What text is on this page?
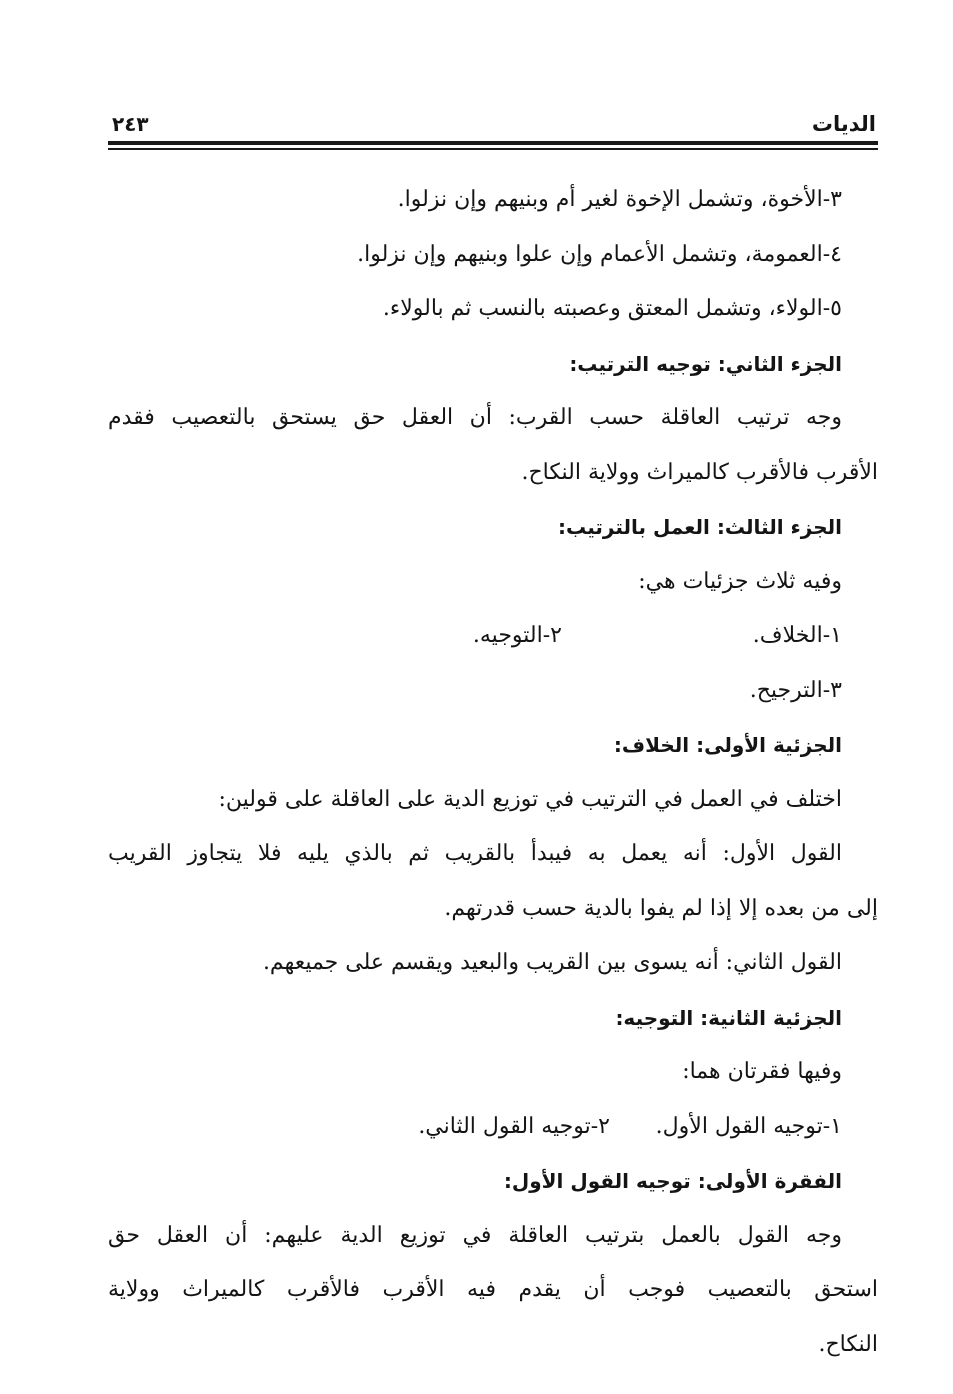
الديات
٢٤٣
٣-الأخوة، وتشمل الإخوة لغير أم وبنيهم وإن نزلوا.
٤-العمومة، وتشمل الأعمام وإن علوا وبنيهم وإن نزلوا.
٥-الولاء، وتشمل المعتق وعصبته بالنسب ثم بالولاء.
الجزء الثاني: توجيه الترتيب:
وجه ترتيب العاقلة حسب القرب: أن العقل حق يستحق بالتعصيب فقدم
الأقرب فالأقرب كالميراث وولاية النكاح.
الجزء الثالث: العمل بالترتيب:
وفيه ثلاث جزئيات هي:
١-الخلاف.
٢-التوجيه.
٣-الترجيح.
الجزئية الأولى: الخلاف:
اختلف في العمل في الترتيب في توزيع الدية على العاقلة على قولين:
القول الأول: أنه يعمل به فيبدأ بالقريب ثم بالذي يليه فلا يتجاوز القريب
إلى من بعده إلا إذا لم يفوا بالدية حسب قدرتهم.
القول الثاني: أنه يسوى بين القريب والبعيد ويقسم على جميعهم.
الجزئية الثانية: التوجيه:
وفيها فقرتان هما:
١-توجيه القول الأول.
٢-توجيه القول الثاني.
الفقرة الأولى: توجيه القول الأول:
وجه القول بالعمل بترتيب العاقلة في توزيع الدية عليهم: أن العقل حق
استحق بالتعصيب فوجب أن يقدم فيه الأقرب فالأقرب كالميراث وولاية
النكاح.
